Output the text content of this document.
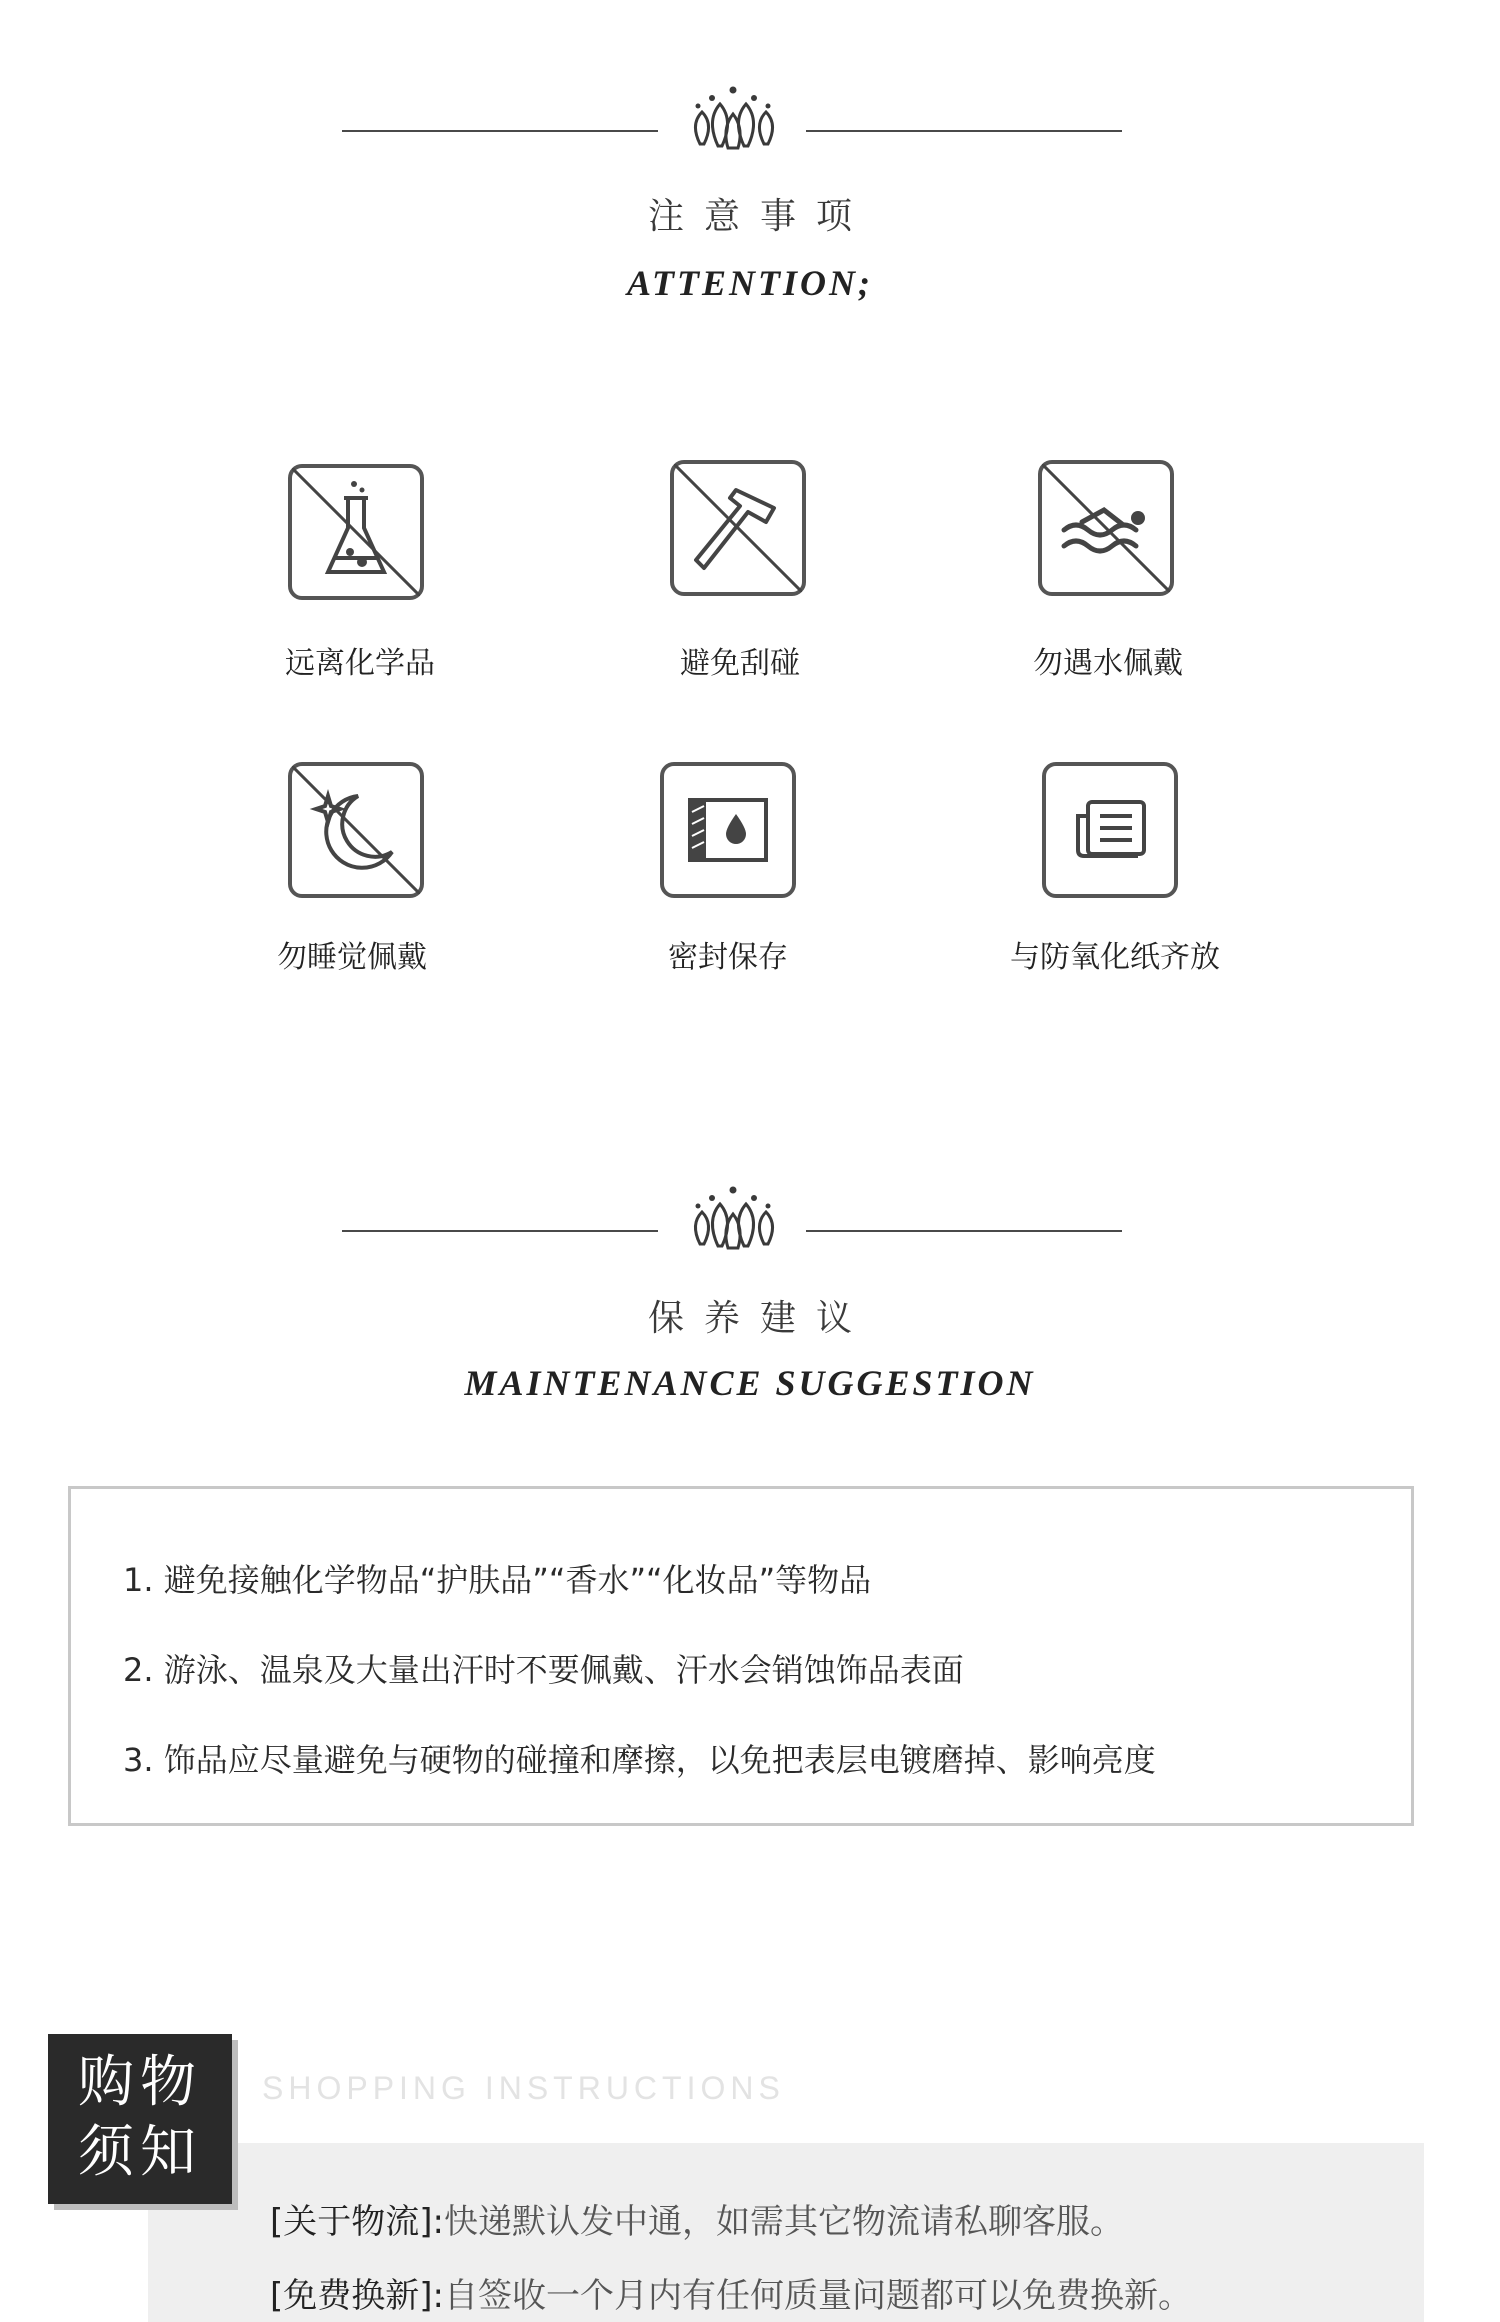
注意事项
ATTENTION;
远离化学品	避免刮碰	勿遇水佩戴
勿睡觉佩戴	密封保存	与防氧化纸齐放
保养建议
MAINTENANCE SUGGESTION
1. 避免接触化学物品“护肤品”“香水”“化妆品”等物品
2. 游泳、温泉及大量出汗时不要佩戴、汗水会销蚀饰品表面
3. 饰品应尽量避免与硬物的碰撞和摩擦，以免把表层电镀磨掉、影响亮度
购物
须知
SHOPPING INSTRUCTIONS
[关于物流]:快递默认发中通，如需其它物流请私聊客服。
[免费换新]:自签收一个月内有任何质量问题都可以免费换新。
